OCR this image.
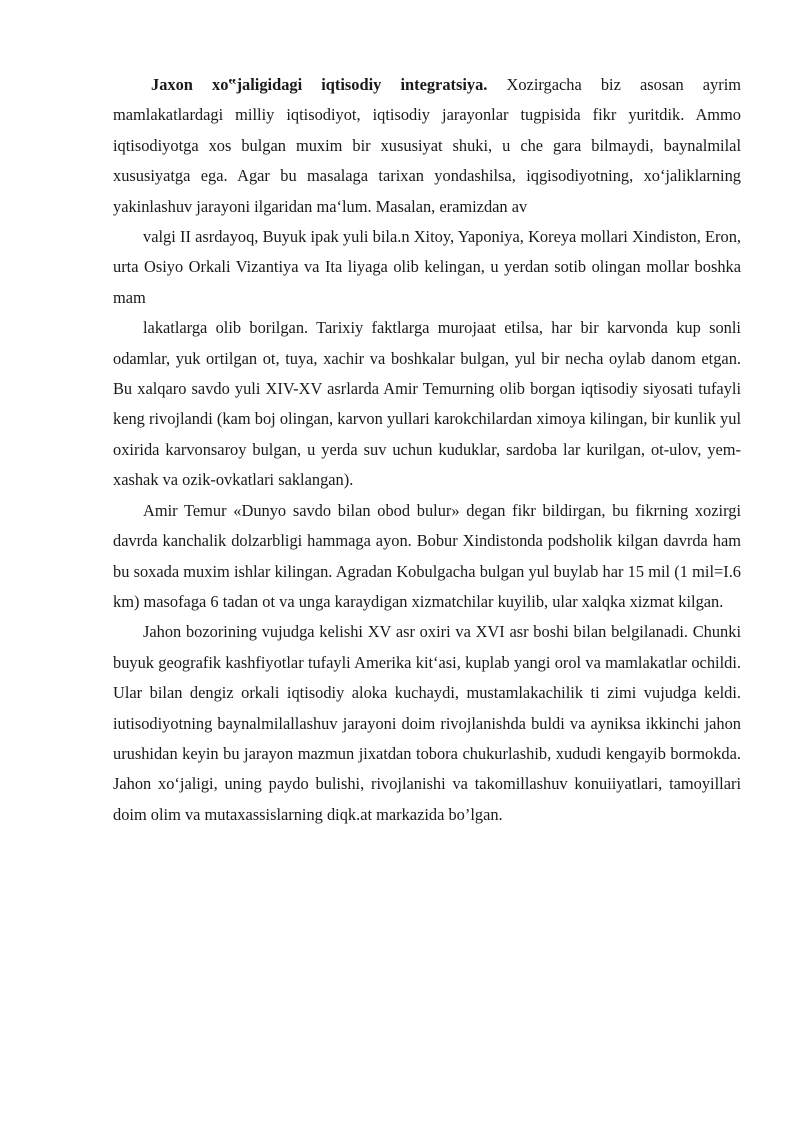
Jaxon xo‟jaligidagi iqtisodiy integratsiya. Xozirgacha biz asosan ayrim mamlakatlardagi milliy iqtisodiyot, iqtisodiy jarayonlar tugpisida fikr yuritdik. Ammo iqtisodiyotga xos bulgan muxim bir xususiyat shuki, u che gara bilmaydi, baynalmilal xususiyatga ega. Agar bu masalaga tarixan yondashilsa, iqgisodiyotning, xo‘jaliklarning yakinlashuv jarayoni ilgaridan ma‘lum. Masalan, eramizdan av

valgi II asrdayoq, Buyuk ipak yuli bila.n Xitoy, Yaponiya, Koreya mollari Xindiston, Eron, urta Osiyo Orkali Vizantiya va Ita liyaga olib kelingan, u yerdan sotib olingan mollar boshka mam

lakatlarga olib borilgan. Tarixiy faktlarga murojaat etilsa, har bir karvonda kup sonli odamlar, yuk ortilgan ot, tuya, xachir va boshkalar bulgan, yul bir necha oylab danom etgan. Bu xalqaro savdo yuli XIV-XV asrlarda Amir Temurning olib borgan iqtisodiy siyosati tufayli keng rivojlandi (kam boj olingan, karvon yullari karokchilardan ximoya kilingan, bir kunlik yul oxirida karvonsaroy bulgan, u yerda suv uchun kuduklar, sardoba lar kurilgan, ot-ulov, yem-xashak va ozik-ovkatlari saklangan).

Amir Temur «Dunyo savdo bilan obod bulur» degan fikr bildirgan, bu fikrning xozirgi davrda kanchalik dolzarbligi hammaga ayon. Bobur Xindistonda podsholik kilgan davrda ham bu soxada muxim ishlar kilingan. Agradan Kobulgacha bulgan yul buylab har 15 mil (1 mil=I.6 km) masofaga 6 tadan ot va unga karaydigan xizmatchilar kuyilib, ular xalqka xizmat kilgan.

Jahon bozorining vujudga kelishi XV asr oxiri va XVI asr boshi bilan belgilanadi. Chunki buyuk geografik kashfiyotlar tufayli Amerika kit‘asi, kuplab yangi orol va mamlakatlar ochildi. Ular bilan dengiz orkali iqtisodiy aloka kuchaydi, mustamlakachilik ti zimi vujudga keldi. iutisodiyotning baynalmilallashuv jarayoni doim rivojlanishda buldi va ayniksa ikkinchi jahon urushidan keyin bu jarayon mazmun jixatdan tobora chukurlashib, xududi kengayib bormokda. Jahon xo‘jaligi, uning paydo bulishi, rivojlanishi va takomillashuv konuiiyatlari, tamoyillari doim olim va mutaxassislarning diqk.at markazida bo’lgan.
